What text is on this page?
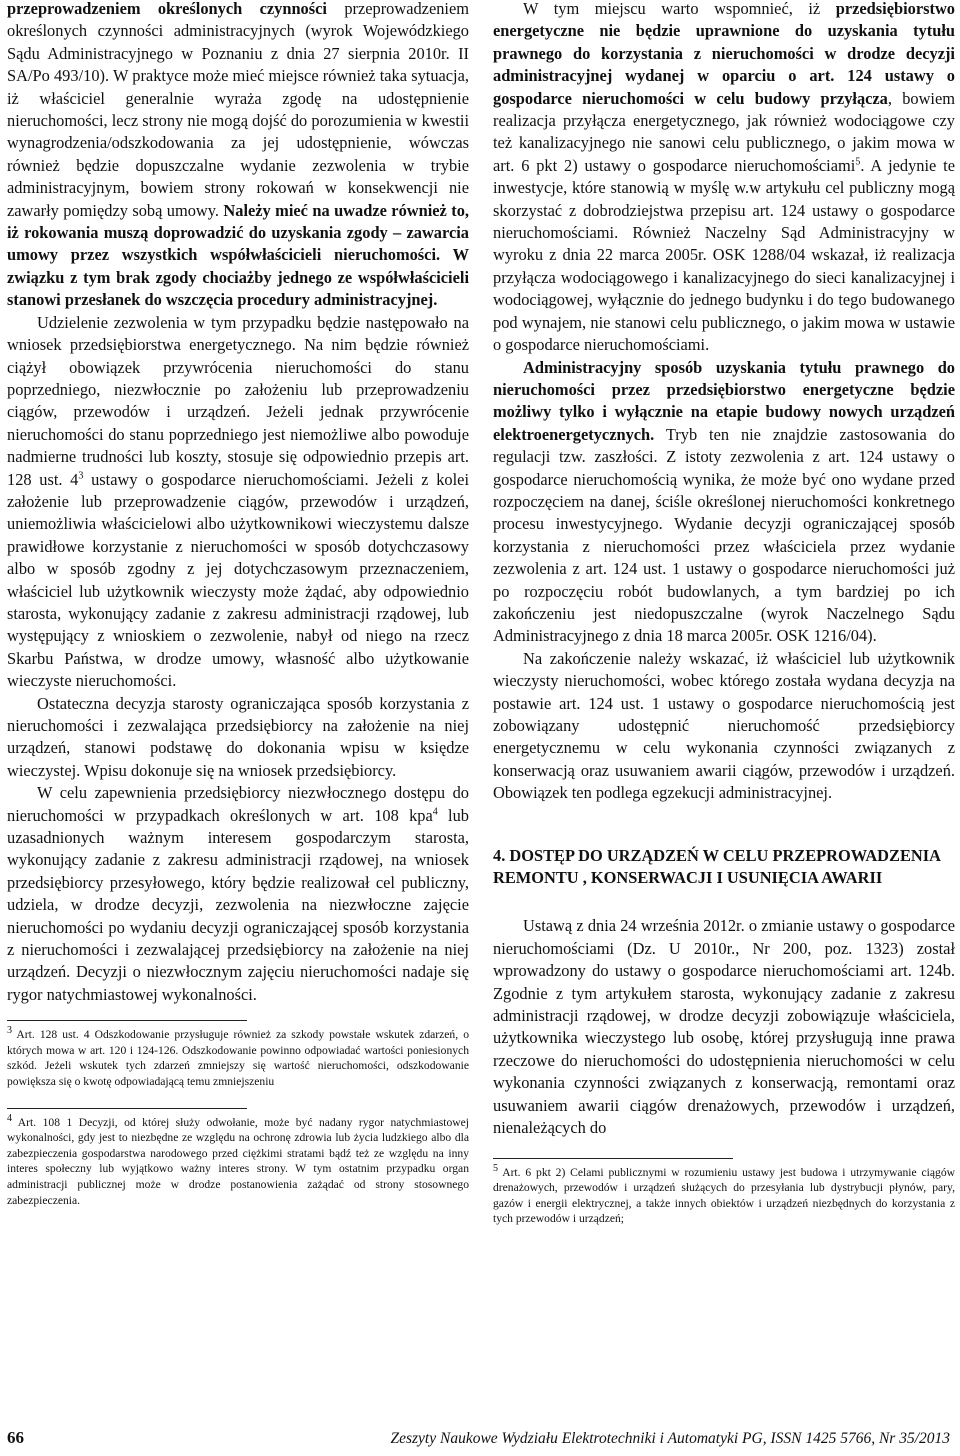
przeprowadzeniem określonych czynności przeprowadzeniem określonych czynności administracyjnych (wyrok Wojewódzkiego Sądu Administracyjnego w Poznaniu z dnia 27 sierpnia 2010r. II SA/Po 493/10). W praktyce może mieć miejsce również taka sytuacja, iż właściciel generalnie wyraża zgodę na udostępnienie nieruchomości, lecz strony nie mogą dojść do porozumienia w kwestii wynagrodzenia/odszkodowania za jej udostępnienie, wówczas również będzie dopuszczalne wydanie zezwolenia w trybie administracyjnym, bowiem strony rokowań w konsekwencji nie zawarły pomiędzy sobą umowy. Należy mieć na uwadze również to, iż rokowania muszą doprowadzić do uzyskania zgody – zawarcia umowy przez wszystkich współwłaścicieli nieruchomości. W związku z tym brak zgody chociażby jednego ze współwłaścicieli stanowi przesłanek do wszczęcia procedury administracyjnej.

Udzielenie zezwolenia w tym przypadku będzie następowało na wniosek przedsiębiorstwa energetycznego. Na nim będzie również ciążył obowiązek przywrócenia nieruchomości do stanu poprzedniego, niezwłocznie po założeniu lub przeprowadzeniu ciągów, przewodów i urządzeń. Jeżeli jednak przywrócenie nieruchomości do stanu poprzedniego jest niemożliwe albo powoduje nadmierne trudności lub koszty, stosuje się odpowiednio przepis art. 128 ust. $4^3$ ustawy o gospodarce nieruchomościami. Jeżeli z kolei założenie lub przeprowadzenie ciągów, przewodów i urządzeń, uniemożliwia właścicielowi albo użytkownikowi wieczystemu dalsze prawidłowe korzystanie z nieruchomości w sposób dotychczasowy albo w sposób zgodny z jej dotychczasowym przeznaczeniem, właściciel lub użytkownik wieczysty może żądać, aby odpowiednio starosta, wykonujący zadanie z zakresu administracji rządowej, lub występujący z wnioskiem o zezwolenie, nabył od niego na rzecz Skarbu Państwa, w drodze umowy, własność albo użytkowanie wieczyste nieruchomości.

Ostateczna decyzja starosty ograniczająca sposób korzystania z nieruchomości i zezwalająca przedsiębiorcy na założenie na niej urządzeń, stanowi podstawę do dokonania wpisu w księdze wieczystej. Wpisu dokonuje się na wniosek przedsiębiorcy.

W celu zapewnienia przedsiębiorcy niezwłocznego dostępu do nieruchomości w przypadkach określonych w art. 108 kpa$^4$ lub uzasadnionych ważnym interesem gospodarczym starosta, wykonujący zadanie z zakresu administracji rządowej, na wniosek przedsiębiorcy przesyłowego, który będzie realizował cel publiczny, udziela, w drodze decyzji, zezwolenia na niezwłoczne zajęcie nieruchomości po wydaniu decyzji ograniczającej sposób korzystania z nieruchomości i zezwalającej przedsiębiorcy na założenie na niej urządzeń. Decyzji o niezwłocznym zajęciu nieruchomości nadaje się rygor natychmiastowej wykonalności.

$^3$ Art. 128 ust. 4 Odszkodowanie przysługuje również za szkody powstałe wskutek zdarzeń, o których mowa w art. 120 i 124-126. Odszkodowanie powinno odpowiadać wartości poniesionych szkód. Jeżeli wskutek tych zdarzeń zmniejszy się wartość nieruchomości, odszkodowanie powiększa się o kwotę odpowiadającą temu zmniejszeniu

$^4$ Art. 108 1 Decyzji, od której służy odwołanie, może być nadany rygor natychmiastowej wykonalności, gdy jest to niezbędne ze względu na ochronę zdrowia lub życia ludzkiego albo dla zabezpieczenia gospodarstwa narodowego przed ciężkimi stratami bądź też ze względu na inny interes społeczny lub wyjątkowo ważny interes strony. W tym ostatnim przypadku organ administracji publicznej może w drodze postanowienia zażądać od strony stosownego zabezpieczenia.

W tym miejscu warto wspomnieć, iż przedsiębiorstwo energetyczne nie będzie uprawnione do uzyskania tytułu prawnego do korzystania z nieruchomości w drodze decyzji administracyjnej wydanej w oparciu o art. 124 ustawy o gospodarce nieruchomości w celu budowy przyłącza, bowiem realizacja przyłącza energetycznego, jak również wodociągowe czy też kanalizacyjnego nie sanowi celu publicznego, o jakim mowa w art. 6 pkt 2) ustawy o gospodarce nieruchomościami$^5$. A jedynie te inwestycje, które stanowią w myślę w.w artykułu cel publiczny mogą skorzystać z dobrodziejstwa przepisu art. 124 ustawy o gospodarce nieruchomościami. Również Naczelny Sąd Administracyjny w wyroku z dnia 22 marca 2005r. OSK 1288/04 wskazał, iż realizacja przyłącza wodociągowego i kanalizacyjnego do sieci kanalizacyjnej i wodociągowej, wyłącznie do jednego budynku i do tego budowanego pod wynajem, nie stanowi celu publicznego, o jakim mowa w ustawie o gospodarce nieruchomościami.

Administracyjny sposób uzyskania tytułu prawnego do nieruchomości przez przedsiębiorstwo energetyczne będzie możliwy tylko i wyłącznie na etapie budowy nowych urządzeń elektroenergetycznych. Tryb ten nie znajdzie zastosowania do regulacji tzw. zaszłości. Z istoty zezwolenia z art. 124 ustawy o gospodarce nieruchomością wynika, że może być ono wydane przed rozpoczęciem na danej, ściśle określonej nieruchomości konkretnego procesu inwestycyjnego. Wydanie decyzji ograniczającej sposób korzystania z nieruchomości przez właściciela przez wydanie zezwolenia z art. 124 ust. 1 ustawy o gospodarce nieruchomości już po rozpoczęciu robót budowlanych, a tym bardziej po ich zakończeniu jest niedopuszczalne (wyrok Naczelnego Sądu Administracyjnego z dnia 18 marca 2005r. OSK 1216/04).

Na zakończenie należy wskazać, iż właściciel lub użytkownik wieczysty nieruchomości, wobec którego została wydana decyzja na postawie art. 124 ust. 1 ustawy o gospodarce nieruchomością jest zobowiązany udostępnić nieruchomość przedsiębiorcy energetycznemu w celu wykonania czynności związanych z konserwacją oraz usuwaniem awarii ciągów, przewodów i urządzeń. Obowiązek ten podlega egzekucji administracyjnej.

4. DOSTĘP DO URZĄDZEŃ W CELU PRZEPROWADZENIA REMONTU , KONSERWACJI I USUNIĘCIA AWARII

Ustawą z dnia 24 września 2012r. o zmianie ustawy o gospodarce nieruchomościami (Dz. U 2010r., Nr 200, poz. 1323) został wprowadzony do ustawy o gospodarce nieruchomościami art. 124b. Zgodnie z tym artykułem starosta, wykonujący zadanie z zakresu administracji rządowej, w drodze decyzji zobowiązuje właściciela, użytkownika wieczystego lub osobę, której przysługują inne prawa rzeczowe do nieruchomości do udostępnienia nieruchomości w celu wykonania czynności związanych z konserwacją, remontami oraz usuwaniem awarii ciągów drenażowych, przewodów i urządzeń, nienależących do

$^5$ Art. 6 pkt 2) Celami publicznymi w rozumieniu ustawy jest budowa i utrzymywanie ciągów drenażowych, przewodów i urządzeń służących do przesyłania lub dystrybucji płynów, pary, gazów i energii elektrycznej, a także innych obiektów i urządzeń niezbędnych do korzystania z tych przewodów i urządzeń;

66	Zeszyty Naukowe Wydziału Elektrotechniki i Automatyki PG, ISSN 1425 5766, Nr 35/2013
